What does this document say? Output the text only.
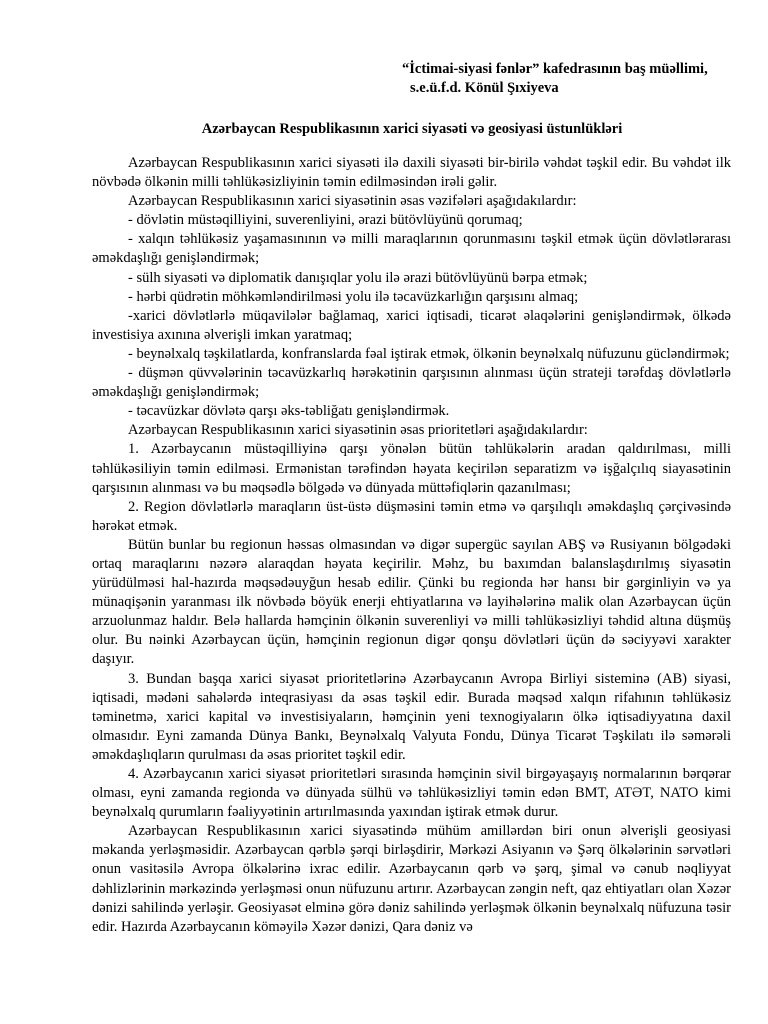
“İctimai-siyasi fənlər” kafedrasının baş müəllimi,
s.e.ü.f.d. Könül Şıxiyeva
Azərbaycan Respublikasının xarici siyasəti və geosiyasi üstunlükləri

Azərbaycan Respublikasının xarici siyasəti ilə daxili siyasəti bir-birilə vəhdət təşkil edir. Bu vəhdət ilk növbədə ölkənin milli təhlükəsizliyinin təmin edilməsindən irəli gəlir.

Azərbaycan Respublikasının xarici siyasətinin əsas vəzifələri aşağıdakılardır:

- dövlətin müstəqilliyini, suverenliyini, ərazi bütövlüyünü qorumaq;

- xalqın təhlükəsiz yaşamasınının və milli maraqlarının qorunmasını təşkil etmək üçün dövlətlərarası əməkdaşlığı genişləndirmək;

- sülh siyasəti və diplomatik danışıqlar yolu ilə ərazi bütövlüyünü bərpa etmək;

- hərbi qüdrətin möhkəmləndirilməsi yolu ilə təcavüzkarlığın qarşısını almaq;

-xarici dövlətlərlə müqavilələr bağlamaq, xarici iqtisadi, ticarət əlaqələrini genişləndirmək, ölkədə investisiya axınına əlverişli imkan yaratmaq;

- beynəlxalq təşkilatlarda, konfranslarda fəal iştirak etmək, ölkənin beynəlxalq nüfuzunu gücləndirmək;

- düşmən qüvvələrinin təcavüzkarlıq hərəkətinin qarşısının alınması üçün strateji tərəfdaş dövlətlərlə əməkdaşlığı genişləndirmək;

- təcavüzkar dövlətə qarşı əks-təbliğatı genişləndirmək.

Azərbaycan Respublikasının xarici siyasətinin əsas prioritetləri aşağıdakılardır:

1. Azərbaycanın müstəqilliyinə qarşı yönələn bütün təhlükələrin aradan qaldırılması, milli təhlükəsiliyin təmin edilməsi. Ermənistan tərəfindən həyata keçirilən separatizm və işğalçılıq siayasətinin qarşısının alınması və bu məqsədlə bölgədə və dünyada müttəfiqlərin qazanılması;

2. Region dövlətlərlə maraqların üst-üstə düşməsini təmin etmə və qarşılıqlı əməkdaşlıq çərçivəsində hərəkət etmək.

Bütün bunlar bu regionun həssas olmasından və digər supergüc sayılan ABŞ və Rusiyanın bölgədəki ortaq maraqlarını nəzərə alaraqdan həyata keçirilir. Məhz, bu baxımdan balanslaşdırılmış siyasətin yürüdülməsi hal-hazırda məqsədəuyğun hesab edilir. Çünki bu regionda hər hansı bir gərginliyin və ya münaqişənin yaranması ilk növbədə böyük enerji ehtiyatlarına və layihələrinə malik olan Azərbaycan üçün arzuolunmaz haldır. Belə hallarda həmçinin ölkənin suverenliyi və milli təhlükəsizliyi təhdid altına düşmüş olur. Bu nəinki Azərbaycan üçün, həmçinin regionun digər qonşu dövlətləri üçün də səciyyəvi xarakter daşıyır.

3. Bundan başqa xarici siyasət prioritetlərinə Azərbaycanın Avropa Birliyi sisteminə (AB) siyasi, iqtisadi, mədəni sahələrdə inteqrasiyası da əsas təşkil edir. Burada məqsəd xalqın rifahının təhlükəsiz təminetmə, xarici kapital və investisiyaların, həmçinin yeni texnogiyaların ölkə iqtisadiyyatına daxil olmasıdır. Eyni zamanda Dünya Bankı, Beynəlxalq Valyuta Fondu, Dünya Ticarət Təşkilatı ilə səmərəli əməkdaşlıqların qurulması da əsas prioritet təşkil edir.

4. Azərbaycanın xarici siyasət prioritetləri sırasında həmçinin sivil birgəyaşayış normalarının bərqərar olması, eyni zamanda regionda və dünyada sülhü və təhlükəsizliyi təmin edən BMT, ATƏT, NATO kimi beynəlxalq qurumların fəaliyyətinin artırılmasında yaxından iştirak etmək durur.

Azərbaycan Respublikasının xarici siyasətində mühüm amillərdən biri onun əlverişli geosiyasi məkanda yerləşməsidir. Azərbaycan qərblə şərqi birləşdirir, Mərkəzi Asiyanın və Şərq ölkələrinin sərvətləri onun vasitəsilə Avropa ölkələrinə ixrac edilir. Azərbaycanın qərb və şərq, şimal və cənub nəqliyyat dəhlizlərinin mərkəzində yerləşməsi onun nüfuzunu artırır. Azərbaycan zəngin neft, qaz ehtiyatları olan Xəzər dənizi sahilində yerləşir. Geosiyasət elminə görə dəniz sahilində yerləşmək ölkənin beynəlxalq nüfuzuna təsir edir. Hazırda Azərbaycanın köməyilə Xəzər dənizi, Qara dəniz və
